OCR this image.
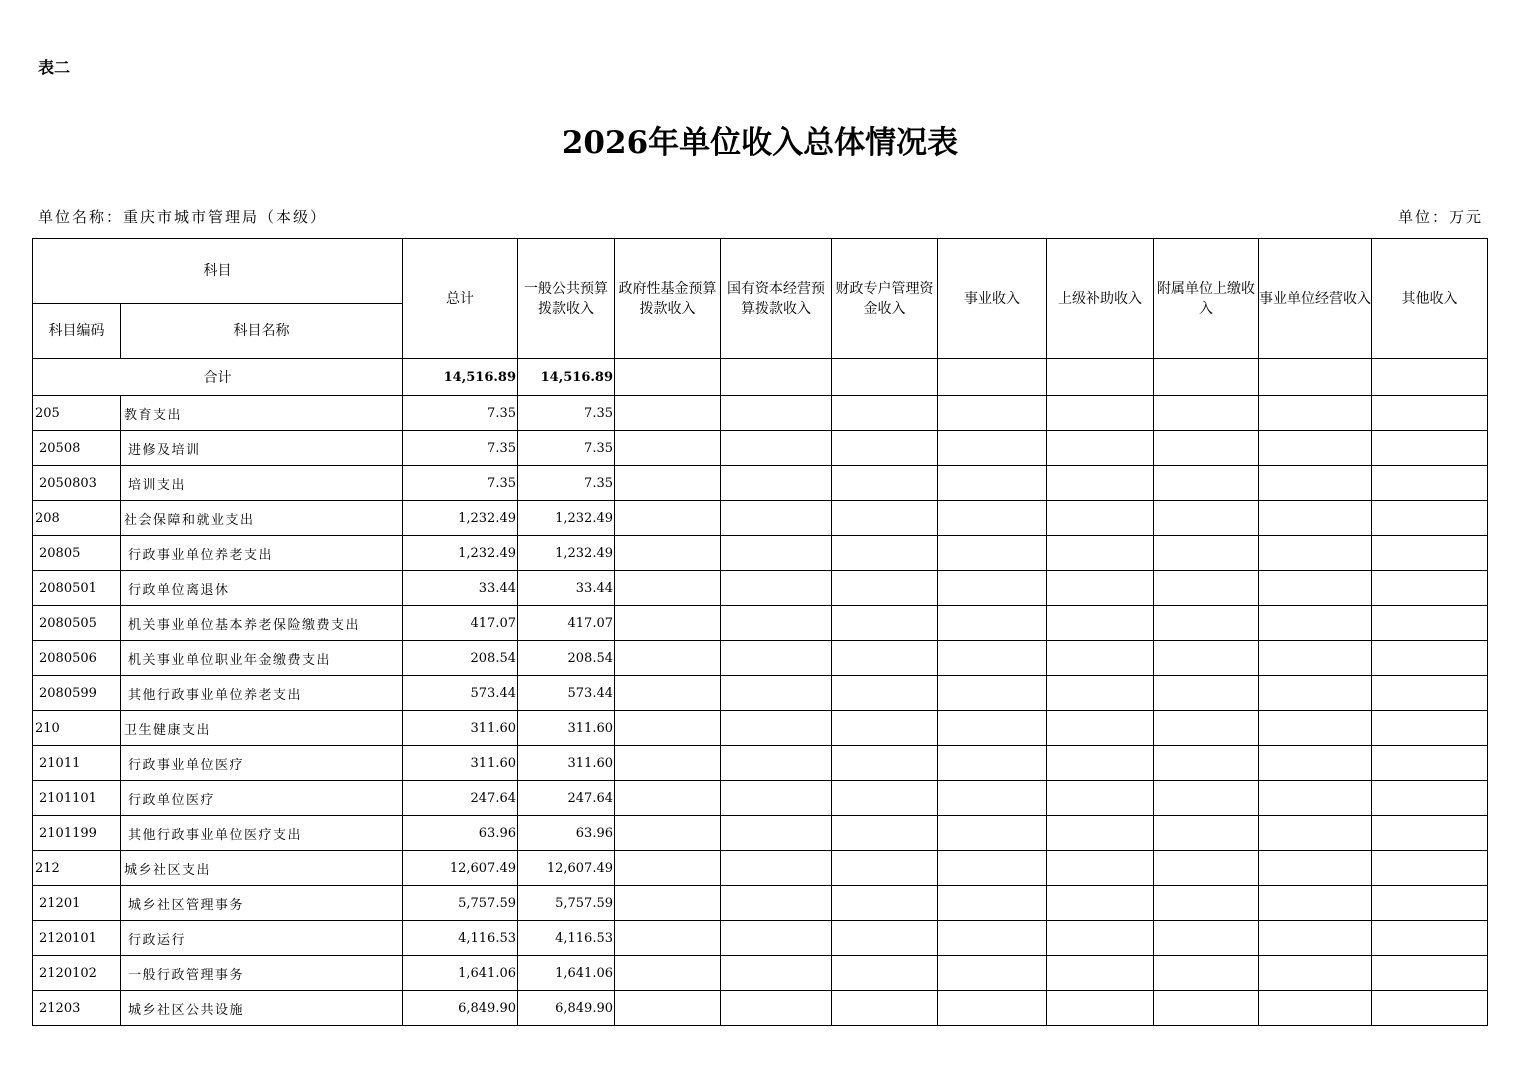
表二
2026年单位收入总体情况表
单位名称：重庆市城市管理局（本级）	单位：万元
科目		总计	一般公共预算拨款收入	政府性基金预算拨款收入	国有资本经营预算拨款收入	财政专户管理资金收入	事业收入	上级补助收入	附属单位上缴收入	事业单位经营收入	其他收入
科目编码	科目名称										
合计		14,516.89	14,516.89								
205	教育支出	7.35	7.35								
20508	进修及培训	7.35	7.35								
2050803	培训支出	7.35	7.35								
208	社会保障和就业支出	1,232.49	1,232.49								
20805	行政事业单位养老支出	1,232.49	1,232.49								
2080501	行政单位离退休	33.44	33.44								
2080505	机关事业单位基本养老保险缴费支出	417.07	417.07								
2080506	机关事业单位职业年金缴费支出	208.54	208.54								
2080599	其他行政事业单位养老支出	573.44	573.44								
210	卫生健康支出	311.60	311.60								
21011	行政事业单位医疗	311.60	311.60								
2101101	行政单位医疗	247.64	247.64								
2101199	其他行政事业单位医疗支出	63.96	63.96								
212	城乡社区支出	12,607.49	12,607.49								
21201	城乡社区管理事务	5,757.59	5,757.59								
2120101	行政运行	4,116.53	4,116.53								
2120102	一般行政管理事务	1,641.06	1,641.06								
21203	城乡社区公共设施	6,849.90	6,849.90								
